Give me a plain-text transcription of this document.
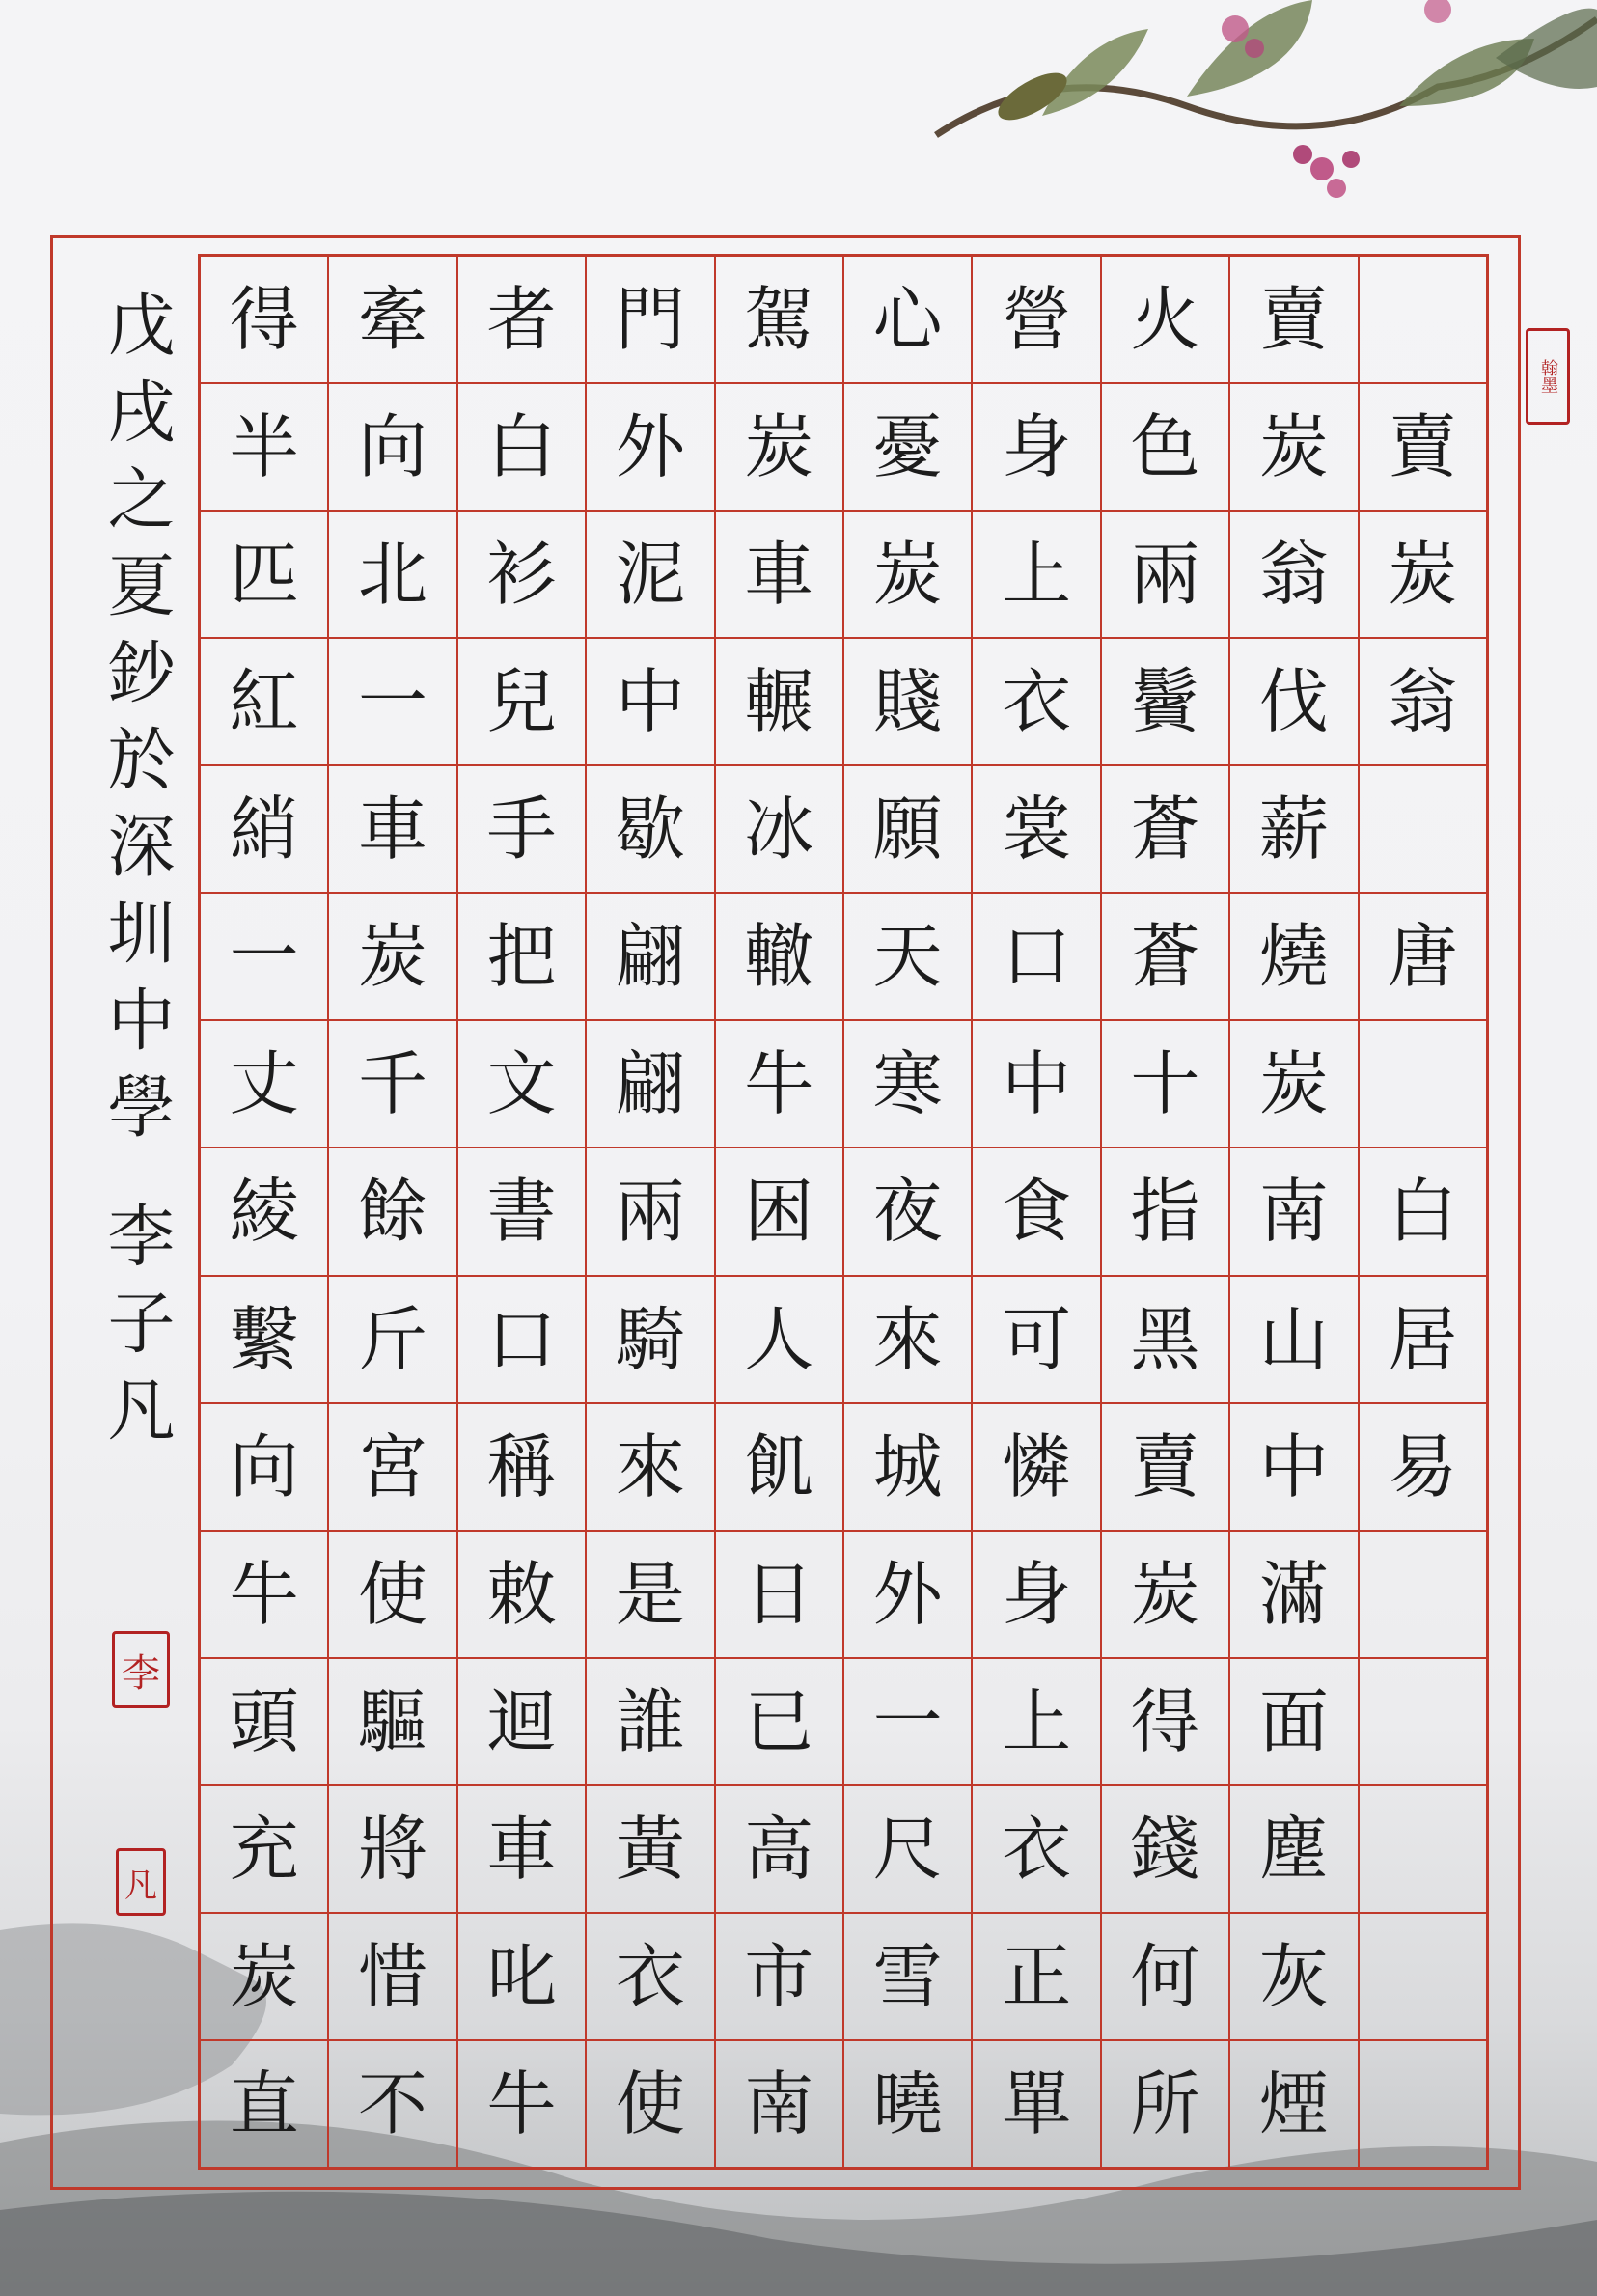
賣
炭
翁
唐
白
居
易
賣
炭
翁
伐
薪
燒
炭
南
山
中
滿
面
塵
灰
煙
火
色
兩
鬢
蒼
蒼
十
指
黑
賣
炭
得
錢
何
所
營
身
上
衣
裳
口
中
食
可
憐
身
上
衣
正
單
心
憂
炭
賤
願
天
寒
夜
來
城
外
一
尺
雪
曉
駕
炭
車
輾
冰
轍
牛
困
人
飢
日
已
高
市
南
門
外
泥
中
歇
翩
翩
兩
騎
來
是
誰
黃
衣
使
者
白
衫
兒
手
把
文
書
口
稱
敕
迴
車
叱
牛
牽
向
北
一
車
炭
千
餘
斤
宮
使
驅
將
惜
不
得
半
匹
紅
綃
一
丈
綾
繫
向
牛
頭
充
炭
直
戊戌之夏鈔於深圳中學
李子凡
李
凡
翰墨
